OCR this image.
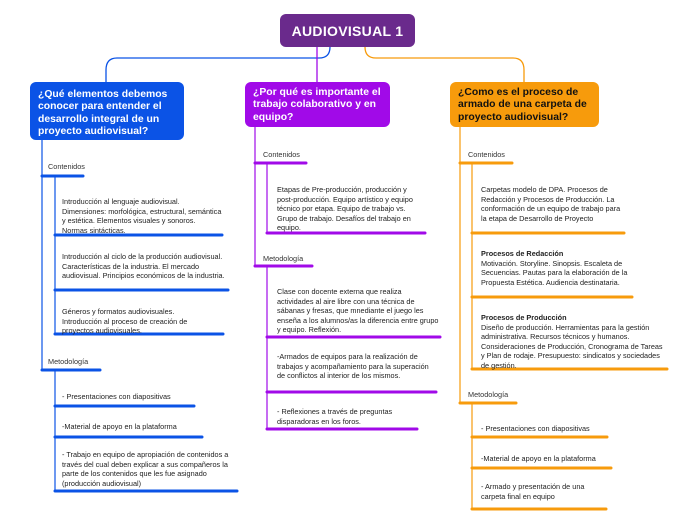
AUDIOVISUAL 1
¿Qué elementos debemos conocer para entender el desarrollo integral de un proyecto audiovisual?
Contenidos
Introducción al lenguaje audiovisual. Dimensiones: morfológica, estructural, semántica y estética. Elementos visuales y sonoros. Normas sintácticas.
Introducción al ciclo de la producción audiovisual. Características de la industria. El mercado audiovisual. Principios económicos de la industria.
Géneros y formatos audiovisuales. Introducción al proceso de creación de proyectos audiovisuales.
Metodología
- Presentaciones con diapositivas
-Material de apoyo en la plataforma
- Trabajo en equipo de apropiación de contenidos a través del cual deben explicar a sus compañeros la parte de los contenidos que les fue asignado (producción audiovisual)
¿Por qué es importante el trabajo colaborativo y en equipo?
Contenidos
Etapas de Pre-producción, producción y post-producción. Equipo artístico y equipo técnico por etapa. Equipo de trabajo vs. Grupo de trabajo. Desafíos del trabajo en equipo.
Metodología
Clase con docente externa que realiza actividades al aire libre con una técnica de sábanas y fresas, que mnediante el juego les enseña a los alumnos/as la diferencia entre grupo y equipo. Reflexión.
-Armados de equipos para la realización de trabajos y acompañamiento para la superación de conflictos al interior de los mismos.
- Reflexiones a través de preguntas disparadoras en los foros.
¿Como es el proceso de armado de una carpeta de proyecto audiovisual?
Contenidos
Carpetas modelo de DPA. Procesos de Redacción y Procesos de Producción. La conformación de un equipo de trabajo para la etapa de Desarrollo de Proyecto
Procesos de Redacción
Motivación. Storyline. Sinopsis. Escaleta de Secuencias. Pautas para la elaboración de la Propuesta Estética. Audiencia destinataria.
Procesos de Producción
Diseño de producción. Herramientas para la gestión administrativa. Recursos técnicos y humanos. Consideraciones de Producción, Cronograma de Tareas y Plan de rodaje. Presupuesto: sindicatos y sociedades de gestión.
Metodología
- Presentaciones con diapositivas
-Material de apoyo en la plataforma
- Armado y presentación de una carpeta final en equipo
